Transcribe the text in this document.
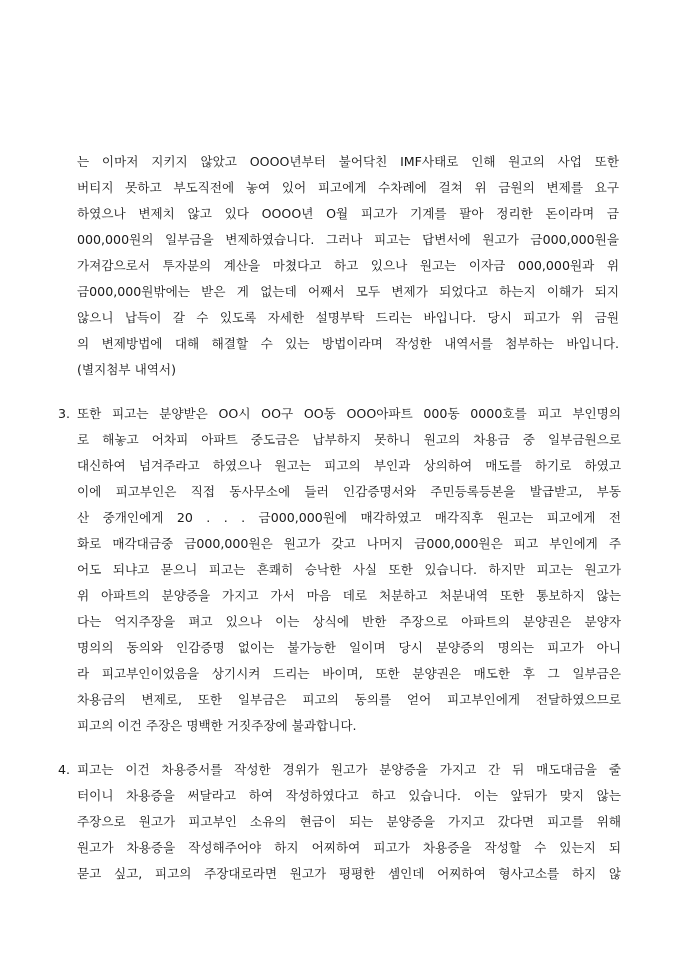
는 이마저 지키지 않았고 OOOO년부터 불어닥친 IMF사태로 인해 원고의 사업 또한
버티지 못하고 부도직전에 놓여 있어 피고에게 수차례에 걸쳐 위 금원의 변제를 요구
하였으나 변제치 않고 있다 OOOO년 O월 피고가 기계를 팔아 정리한 돈이라며 금
000,000원의 일부금을 변제하였습니다. 그러나 피고는 답변서에 원고가 금000,000원을
가져감으로서 투자분의 계산을 마쳤다고 하고 있으나 원고는 이자금 000,000원과 위
금000,000원밖에는 받은 게 없는데 어째서 모두 변제가 되었다고 하는지 이해가 되지
않으니 납득이 갈 수 있도록 자세한 설명부탁 드리는 바입니다. 당시 피고가 위 금원
의 변제방법에 대해 해결할 수 있는 방법이라며 작성한 내역서를 첨부하는 바입니다.
(별지첨부 내역서)
3. 또한 피고는 분양받은 OO시 OO구 OO동 OOO아파트 000동 0000호를 피고 부인명의
로 해놓고 어차피 아파트 중도금은 납부하지 못하니 원고의 차용금 중 일부금원으로
대신하여 넘겨주라고 하였으나 원고는 피고의 부인과 상의하여 매도를 하기로 하였고
이에 피고부인은 직접 동사무소에 들러 인감증명서와 주민등록등본을 발급받고, 부동
산 중개인에게 20 . . . 금000,000원에 매각하였고 매각직후 원고는 피고에게 전
화로 매각대금중 금000,000원은 원고가 갖고 나머지 금000,000원은 피고 부인에게 주
어도 되냐고 묻으니 피고는 흔쾌히 승낙한 사실 또한 있습니다. 하지만 피고는 원고가
위 아파트의 분양증을 가지고 가서 마음 데로 처분하고 처분내역 또한 통보하지 않는
다는 억지주장을 펴고 있으나 이는 상식에 반한 주장으로 아파트의 분양권은 분양자
명의의 동의와 인감증명 없이는 불가능한 일이며 당시 분양증의 명의는 피고가 아니
라 피고부인이었음을 상기시켜 드리는 바이며, 또한 분양권은 매도한 후 그 일부금은
차용금의 변제로, 또한 일부금은 피고의 동의를 얻어 피고부인에게 전달하였으므로
피고의 이건 주장은 명백한 거짓주장에 불과합니다.
4. 피고는 이건 차용증서를 작성한 경위가 원고가 분양증을 가지고 간 뒤 매도대금을 줄
터이니 차용증을 써달라고 하여 작성하였다고 하고 있습니다. 이는 앞뒤가 맞지 않는
주장으로 원고가 피고부인 소유의 현금이 되는 분양증을 가지고 갔다면 피고를 위해
원고가 차용증을 작성해주어야 하지 어찌하여 피고가 차용증을 작성할 수 있는지 되
묻고 싶고, 피고의 주장대로라면 원고가 평평한 셈인데 어찌하여 형사고소를 하지 않
